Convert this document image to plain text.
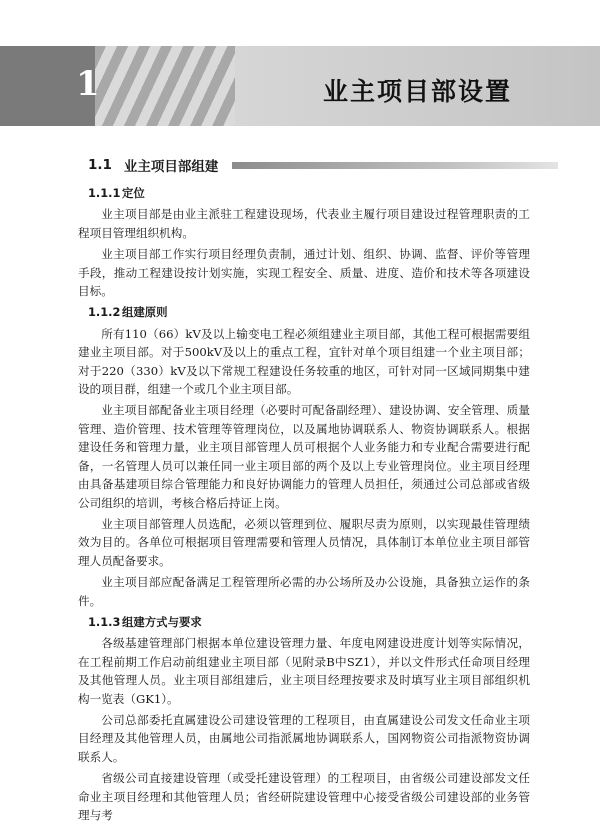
1	业主项目部设置
1.1 业主项目部组建
1.1.1 定位

业主项目部是由业主派驻工程建设现场，代表业主履行项目建设过程管理职责的工程项目管理组织机构。

业主项目部工作实行项目经理负责制，通过计划、组织、协调、监督、评价等管理手段，推动工程建设按计划实施，实现工程安全、质量、进度、造价和技术等各项建设目标。

1.1.2 组建原则

所有110（66）kV及以上输变电工程必须组建业主项目部，其他工程可根据需要组建业主项目部。对于500kV及以上的重点工程，宜针对单个项目组建一个业主项目部；对于220（330）kV及以下常规工程建设任务较重的地区，可针对同一区域同期集中建设的项目群，组建一个或几个业主项目部。

业主项目部配备业主项目经理（必要时可配备副经理）、建设协调、安全管理、质量管理、造价管理、技术管理等管理岗位，以及属地协调联系人、物资协调联系人。根据建设任务和管理力量，业主项目部管理人员可根据个人业务能力和专业配合需要进行配备，一名管理人员可以兼任同一业主项目部的两个及以上专业管理岗位。业主项目经理由具备基建项目综合管理能力和良好协调能力的管理人员担任，须通过公司总部或省级公司组织的培训，考核合格后持证上岗。

业主项目部管理人员选配，必须以管理到位、履职尽责为原则，以实现最佳管理绩效为目的。各单位可根据项目管理需要和管理人员情况，具体制订本单位业主项目部管理人员配备要求。

业主项目部应配备满足工程管理所必需的办公场所及办公设施，具备独立运作的条件。

1.1.3 组建方式与要求

各级基建管理部门根据本单位建设管理力量、年度电网建设进度计划等实际情况，在工程前期工作启动前组建业主项目部（见附录B中SZ1），并以文件形式任命项目经理及其他管理人员。业主项目部组建后，业主项目经理按要求及时填写业主项目部组织机构一览表（GK1）。

公司总部委托直属建设公司建设管理的工程项目，由直属建设公司发文任命业主项目经理及其他管理人员，由属地公司指派属地协调联系人，国网物资公司指派物资协调联系人。

省级公司直接建设管理（或受托建设管理）的工程项目，由省级公司建设部发文任命业主项目经理和其他管理人员；省经研院建设管理中心接受省级公司建设部的业务管理与考
